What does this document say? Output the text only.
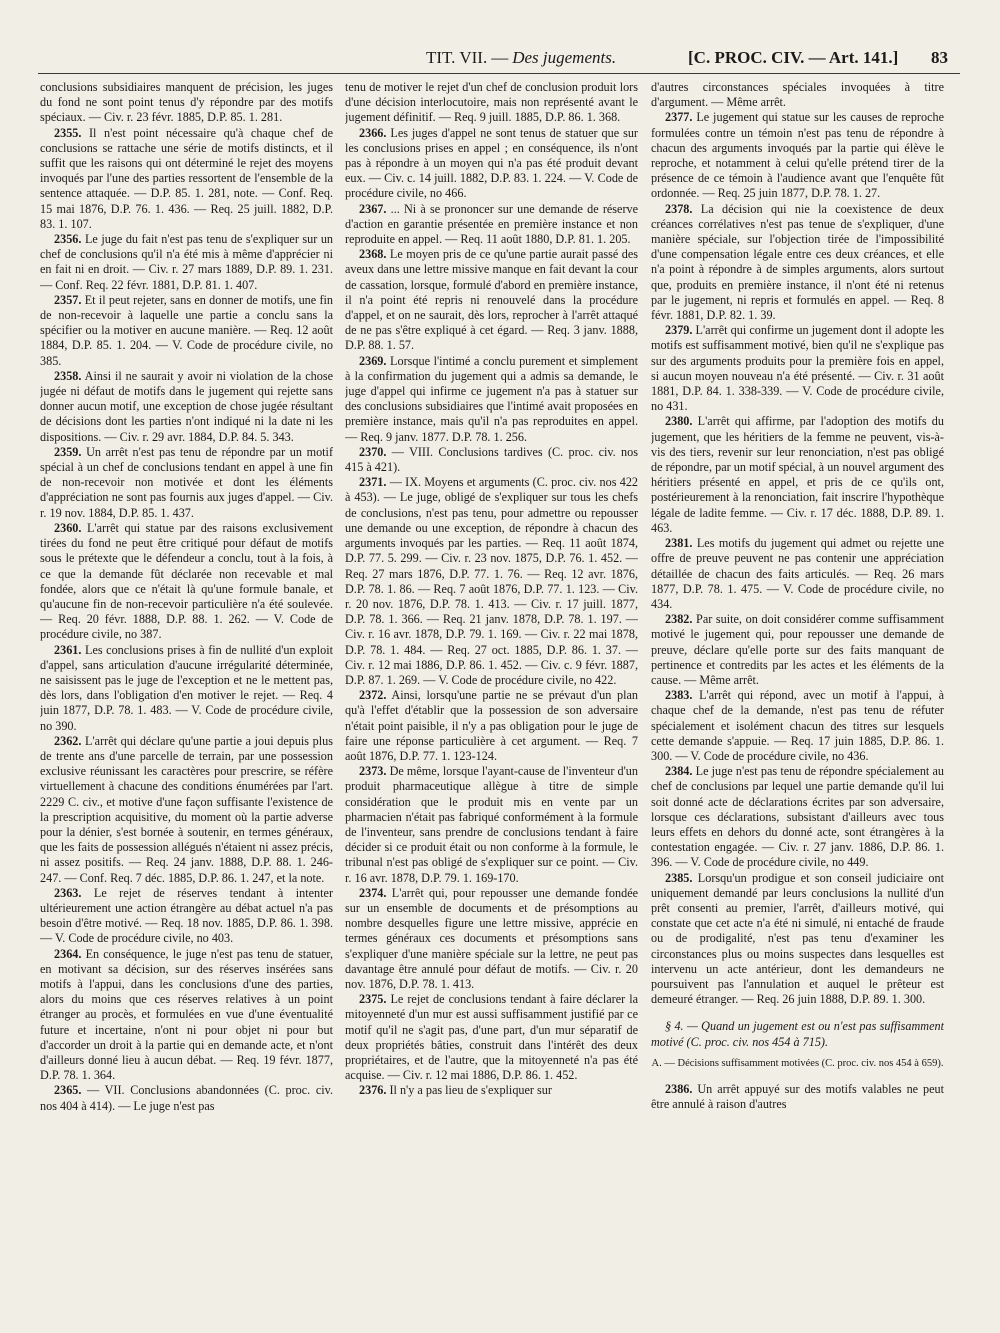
TIT. VII. — Des jugements.	[C. PROC. CIV. — Art. 141.] 83

conclusions subsidiaires manquent de précision, les juges du fond ne sont point tenus d'y répondre par des motifs spéciaux. — Civ. r. 23 févr. 1885, D.P. 85. 1. 281.

2355. Il n'est point nécessaire qu'à chaque chef de conclusions se rattache une série de motifs distincts, et il suffit que les raisons qui ont déterminé le rejet des moyens invoqués par l'une des parties ressortent de l'ensemble de la sentence attaquée. — D.P. 85. 1. 281, note. — Conf. Req. 15 mai 1876, D.P. 76. 1. 436. — Req. 25 juill. 1882, D.P. 83. 1. 107.

2356. Le juge du fait n'est pas tenu de s'expliquer sur un chef de conclusions qu'il n'a été mis à même d'apprécier ni en fait ni en droit. — Civ. r. 27 mars 1889, D.P. 89. 1. 231. — Conf. Req. 22 févr. 1881, D.P. 81. 1. 407.

2357. Et il peut rejeter, sans en donner de motifs, une fin de non-recevoir à laquelle une partie a conclu sans la spécifier ou la motiver en aucune manière. — Req. 12 août 1884, D.P. 85. 1. 204. — V. Code de procédure civile, no 385.

2358. Ainsi il ne saurait y avoir ni violation de la chose jugée ni défaut de motifs dans le jugement qui rejette sans donner aucun motif, une exception de chose jugée résultant de décisions dont les parties n'ont indiqué ni la date ni les dispositions. — Civ. r. 29 avr. 1884, D.P. 84. 5. 343.

2359. Un arrêt n'est pas tenu de répondre par un motif spécial à un chef de conclusions tendant en appel à une fin de non-recevoir non motivée et dont les éléments d'appréciation ne sont pas fournis aux juges d'appel. — Civ. r. 19 nov. 1884, D.P. 85. 1. 437.

2360. L'arrêt qui statue par des raisons exclusivement tirées du fond ne peut être critiqué pour défaut de motifs sous le prétexte que le défendeur a conclu, tout à la fois, à ce que la demande fût déclarée non recevable et mal fondée, alors que ce n'était là qu'une formule banale, et qu'aucune fin de non-recevoir particulière n'a été soulevée. — Req. 20 févr. 1888, D.P. 88. 1. 262. — V. Code de procédure civile, no 387.

2361. Les conclusions prises à fin de nullité d'un exploit d'appel, sans articulation d'aucune irrégularité déterminée, ne saisissent pas le juge de l'exception et ne le mettent pas, dès lors, dans l'obligation d'en motiver le rejet. — Req. 4 juin 1877, D.P. 78. 1. 483. — V. Code de procédure civile, no 390.

2362. L'arrêt qui déclare qu'une partie a joui depuis plus de trente ans d'une parcelle de terrain, par une possession exclusive réunissant les caractères pour prescrire, se réfère virtuellement à chacune des conditions énumérées par l'art. 2229 C. civ., et motive d'une façon suffisante l'existence de la prescription acquisitive, du moment où la partie adverse pour la dénier, s'est bornée à soutenir, en termes généraux, que les faits de possession allégués n'étaient ni assez précis, ni assez positifs. — Req. 24 janv. 1888, D.P. 88. 1. 246-247. — Conf. Req. 7 déc. 1885, D.P. 86. 1. 247, et la note.

2363. Le rejet de réserves tendant à intenter ultérieurement une action étrangère au débat actuel n'a pas besoin d'être motivé. — Req. 18 nov. 1885, D.P. 86. 1. 398. — V. Code de procédure civile, no 403.

2364. En conséquence, le juge n'est pas tenu de statuer, en motivant sa décision, sur des réserves insérées sans motifs à l'appui, dans les conclusions d'une des parties, alors du moins que ces réserves relatives à un point étranger au procès, et formulées en vue d'une éventualité future et incertaine, n'ont ni pour objet ni pour but d'accorder un droit à la partie qui en demande acte, et n'ont d'ailleurs donné lieu à aucun débat. — Req. 19 févr. 1877, D.P. 78. 1. 364.

2365. — VII. Conclusions abandonnées (C. proc. civ. nos 404 à 414). — Le juge n'est pas

tenu de motiver le rejet d'un chef de conclusion produit lors d'une décision interlocutoire, mais non représenté avant le jugement définitif. — Req. 9 juill. 1885, D.P. 86. 1. 368.

2366. Les juges d'appel ne sont tenus de statuer que sur les conclusions prises en appel ; en conséquence, ils n'ont pas à répondre à un moyen qui n'a pas été produit devant eux. — Civ. c. 14 juill. 1882, D.P. 83. 1. 224. — V. Code de procédure civile, no 466.

2367. ... Ni à se prononcer sur une demande de réserve d'action en garantie présentée en première instance et non reproduite en appel. — Req. 11 août 1880, D.P. 81. 1. 205.

2368. Le moyen pris de ce qu'une partie aurait passé des aveux dans une lettre missive manque en fait devant la cour de cassation, lorsque, formulé d'abord en première instance, il n'a point été repris ni renouvelé dans la procédure d'appel, et on ne saurait, dès lors, reprocher à l'arrêt attaqué de ne pas s'être expliqué à cet égard. — Req. 3 janv. 1888, D.P. 88. 1. 57.

2369. Lorsque l'intimé a conclu purement et simplement à la confirmation du jugement qui a admis sa demande, le juge d'appel qui infirme ce jugement n'a pas à statuer sur des conclusions subsidiaires que l'intimé avait proposées en première instance, mais qu'il n'a pas reproduites en appel. — Req. 9 janv. 1877. D.P. 78. 1. 256.

2370. — VIII. Conclusions tardives (C. proc. civ. nos 415 à 421).

2371. — IX. Moyens et arguments (C. proc. civ. nos 422 à 453). — Le juge, obligé de s'expliquer sur tous les chefs de conclusions, n'est pas tenu, pour admettre ou repousser une demande ou une exception, de répondre à chacun des arguments invoqués par les parties. — Req. 11 août 1874, D.P. 77. 5. 299. — Civ. r. 23 nov. 1875, D.P. 76. 1. 452. — Req. 27 mars 1876, D.P. 77. 1. 76. — Req. 12 avr. 1876, D.P. 78. 1. 86. — Req. 7 août 1876, D.P. 77. 1. 123. — Civ. r. 20 nov. 1876, D.P. 78. 1. 413. — Civ. r. 17 juill. 1877, D.P. 78. 1. 366. — Req. 21 janv. 1878, D.P. 78. 1. 197. — Civ. r. 16 avr. 1878, D.P. 79. 1. 169. — Civ. r. 22 mai 1878, D.P. 78. 1. 484. — Req. 27 oct. 1885, D.P. 86. 1. 37. — Civ. r. 12 mai 1886, D.P. 86. 1. 452. — Civ. c. 9 févr. 1887, D.P. 87. 1. 269. — V. Code de procédure civile, no 422.

2372. Ainsi, lorsqu'une partie ne se prévaut d'un plan qu'à l'effet d'établir que la possession de son adversaire n'était point paisible, il n'y a pas obligation pour le juge de faire une réponse particulière à cet argument. — Req. 7 août 1876, D.P. 77. 1. 123-124.

2373. De même, lorsque l'ayant-cause de l'inventeur d'un produit pharmaceutique allègue à titre de simple considération que le produit mis en vente par un pharmacien n'était pas fabriqué conformément à la formule de l'inventeur, sans prendre de conclusions tendant à faire décider si ce produit était ou non conforme à la formule, le tribunal n'est pas obligé de s'expliquer sur ce point. — Civ. r. 16 avr. 1878, D.P. 79. 1. 169-170.

2374. L'arrêt qui, pour repousser une demande fondée sur un ensemble de documents et de présomptions au nombre desquelles figure une lettre missive, apprécie en termes généraux ces documents et présomptions sans s'expliquer d'une manière spéciale sur la lettre, ne peut pas davantage être annulé pour défaut de motifs. — Civ. r. 20 nov. 1876, D.P. 78. 1. 413.

2375. Le rejet de conclusions tendant à faire déclarer la mitoyenneté d'un mur est aussi suffisamment justifié par ce motif qu'il ne s'agit pas, d'une part, d'un mur séparatif de deux propriétés bâties, construit dans l'intérêt des deux propriétaires, et de l'autre, que la mitoyenneté n'a pas été acquise. — Civ. r. 12 mai 1886, D.P. 86. 1. 452.

2376. Il n'y a pas lieu de s'expliquer sur

d'autres circonstances spéciales invoquées à titre d'argument. — Même arrêt.

2377. Le jugement qui statue sur les causes de reproche formulées contre un témoin n'est pas tenu de répondre à chacun des arguments invoqués par la partie qui élève le reproche, et notamment à celui qu'elle prétend tirer de la présence de ce témoin à l'audience avant que l'enquête fût ordonnée. — Req. 25 juin 1877, D.P. 78. 1. 27.

2378. La décision qui nie la coexistence de deux créances corrélatives n'est pas tenue de s'expliquer, d'une manière spéciale, sur l'objection tirée de l'impossibilité d'une compensation légale entre ces deux créances, et elle n'a point à répondre à de simples arguments, alors surtout que, produits en première instance, il n'ont été ni retenus par le jugement, ni repris et formulés en appel. — Req. 8 févr. 1881, D.P. 82. 1. 39.

2379. L'arrêt qui confirme un jugement dont il adopte les motifs est suffisamment motivé, bien qu'il ne s'explique pas sur des arguments produits pour la première fois en appel, si aucun moyen nouveau n'a été présenté. — Civ. r. 31 août 1881, D.P. 84. 1. 338-339. — V. Code de procédure civile, no 431.

2380. L'arrêt qui affirme, par l'adoption des motifs du jugement, que les héritiers de la femme ne peuvent, vis-à-vis des tiers, revenir sur leur renonciation, n'est pas obligé de répondre, par un motif spécial, à un nouvel argument des héritiers présenté en appel, et pris de ce qu'ils ont, postérieurement à la renonciation, fait inscrire l'hypothèque légale de ladite femme. — Civ. r. 17 déc. 1888, D.P. 89. 1. 463.

2381. Les motifs du jugement qui admet ou rejette une offre de preuve peuvent ne pas contenir une appréciation détaillée de chacun des faits articulés. — Req. 26 mars 1877, D.P. 78. 1. 475. — V. Code de procédure civile, no 434.

2382. Par suite, on doit considérer comme suffisamment motivé le jugement qui, pour repousser une demande de preuve, déclare qu'elle porte sur des faits manquant de pertinence et contredits par les actes et les éléments de la cause. — Même arrêt.

2383. L'arrêt qui répond, avec un motif à l'appui, à chaque chef de la demande, n'est pas tenu de réfuter spécialement et isolément chacun des titres sur lesquels cette demande s'appuie. — Req. 17 juin 1885, D.P. 86. 1. 300. — V. Code de procédure civile, no 436.

2384. Le juge n'est pas tenu de répondre spécialement au chef de conclusions par lequel une partie demande qu'il lui soit donné acte de déclarations écrites par son adversaire, lorsque ces déclarations, subsistant d'ailleurs avec tous leurs effets en dehors du donné acte, sont étrangères à la contestation engagée. — Civ. r. 27 janv. 1886, D.P. 86. 1. 396. — V. Code de procédure civile, no 449.

2385. Lorsqu'un prodigue et son conseil judiciaire ont uniquement demandé par leurs conclusions la nullité d'un prêt consenti au premier, l'arrêt, d'ailleurs motivé, qui constate que cet acte n'a été ni simulé, ni entaché de fraude ou de prodigalité, n'est pas tenu d'examiner les circonstances plus ou moins suspectes dans lesquelles est intervenu un acte antérieur, dont les demandeurs ne poursuivent pas l'annulation et auquel le prêteur est demeuré étranger. — Req. 26 juin 1888, D.P. 89. 1. 300.

§ 4. — Quand un jugement est ou n'est pas suffisamment motivé (C. proc. civ. nos 454 à 715).

A. — Décisions suffisamment motivées (C. proc. civ. nos 454 à 659).

2386. Un arrêt appuyé sur des motifs valables ne peut être annulé à raison d'autres
